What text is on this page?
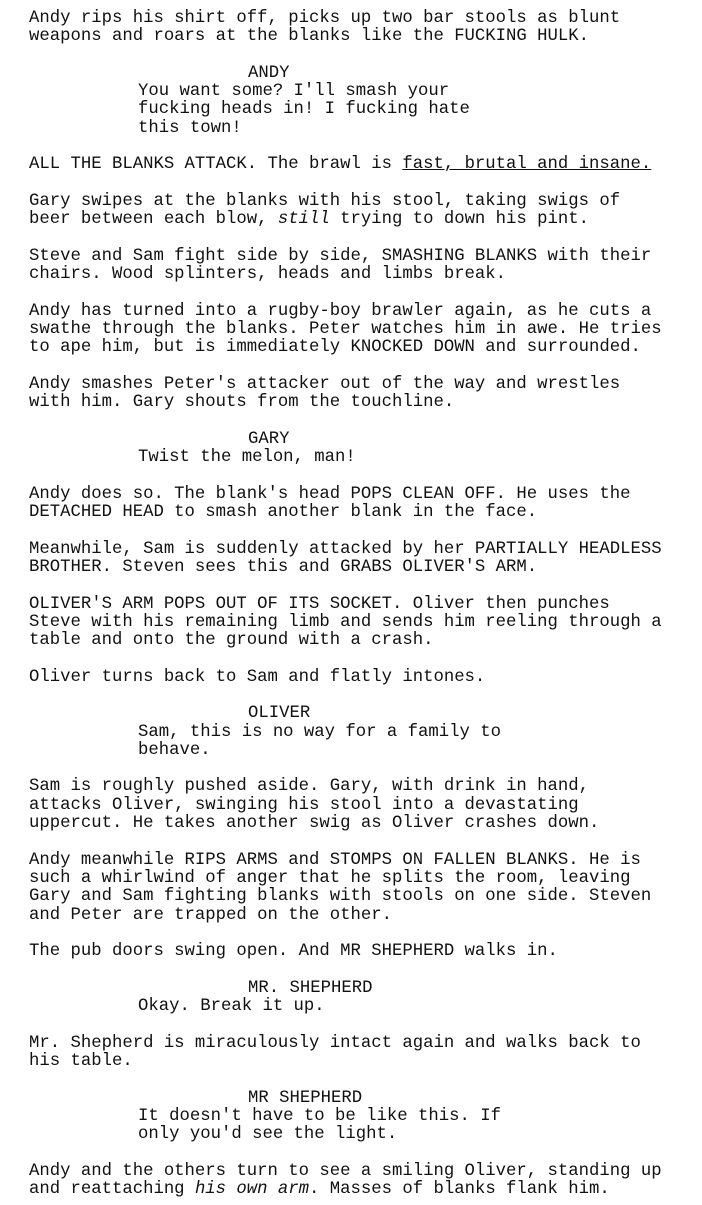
Andy rips his shirt off, picks up two bar stools as blunt
weapons and roars at the blanks like the FUCKING HULK.

ANDY

You want some? I'll smash your
fucking heads in! I fucking hate
this town!

ALL THE BLANKS ATTACK. The brawl is fast, brutal and insane.

Gary swipes at the blanks with his stool, taking swigs of
beer between each blow, still trying to down his pint.

Steve and Sam fight side by side, SMASHING BLANKS with their
chairs. Wood splinters, heads and limbs break.

Andy has turned into a rugby-boy brawler again, as he cuts a
swathe through the blanks. Peter watches him in awe. He tries
to ape him, but is immediately KNOCKED DOWN and surrounded.

Andy smashes Peter's attacker out of the way and wrestles
with him. Gary shouts from the touchline.

GARY

Twist the melon, man!

Andy does so. The blank's head POPS CLEAN OFF. He uses the
DETACHED HEAD to smash another blank in the face.

Meanwhile, Sam is suddenly attacked by her PARTIALLY HEADLESS
BROTHER. Steven sees this and GRABS OLIVER'S ARM.

OLIVER'S ARM POPS OUT OF ITS SOCKET. Oliver then punches
Steve with his remaining limb and sends him reeling through a
table and onto the ground with a crash.

Oliver turns back to Sam and flatly intones.

OLIVER

Sam, this is no way for a family to
behave.

Sam is roughly pushed aside. Gary, with drink in hand,
attacks Oliver, swinging his stool into a devastating
uppercut. He takes another swig as Oliver crashes down.

Andy meanwhile RIPS ARMS and STOMPS ON FALLEN BLANKS. He is
such a whirlwind of anger that he splits the room, leaving
Gary and Sam fighting blanks with stools on one side. Steven
and Peter are trapped on the other.

The pub doors swing open. And MR SHEPHERD walks in.

MR. SHEPHERD

Okay. Break it up.

Mr. Shepherd is miraculously intact again and walks back to
his table.

MR SHEPHERD

It doesn't have to be like this. If
only you'd see the light.

Andy and the others turn to see a smiling Oliver, standing up
and reattaching his own arm. Masses of blanks flank him.
